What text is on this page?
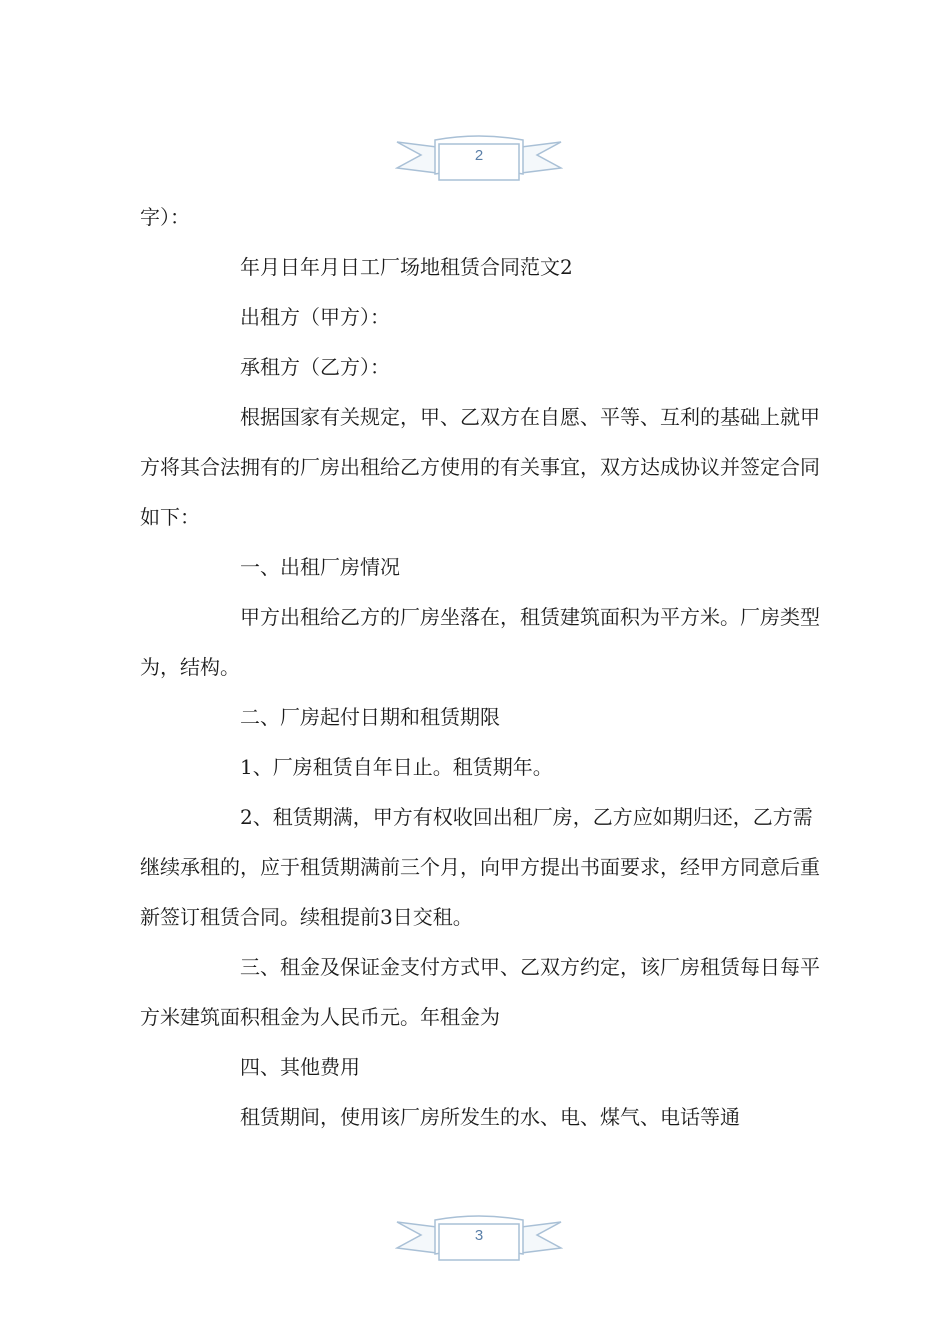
2

字）：

年月日年月日工厂场地租赁合同范文2

出租方（甲方）：

承租方（乙方）：

根据国家有关规定，甲、乙双方在自愿、平等、互利的基础上就甲方将其合法拥有的厂房出租给乙方使用的有关事宜，双方达成协议并签定合同如下：

一、出租厂房情况

甲方出租给乙方的厂房坐落在，租赁建筑面积为平方米。厂房类型为，结构。

二、厂房起付日期和租赁期限

1、厂房租赁自年日止。租赁期年。

2、租赁期满，甲方有权收回出租厂房，乙方应如期归还，乙方需继续承租的，应于租赁期满前三个月，向甲方提出书面要求，经甲方同意后重新签订租赁合同。续租提前3日交租。

三、租金及保证金支付方式甲、乙双方约定，该厂房租赁每日每平方米建筑面积租金为人民币元。年租金为

四、其他费用

租赁期间，使用该厂房所发生的水、电、煤气、电话等通

3
